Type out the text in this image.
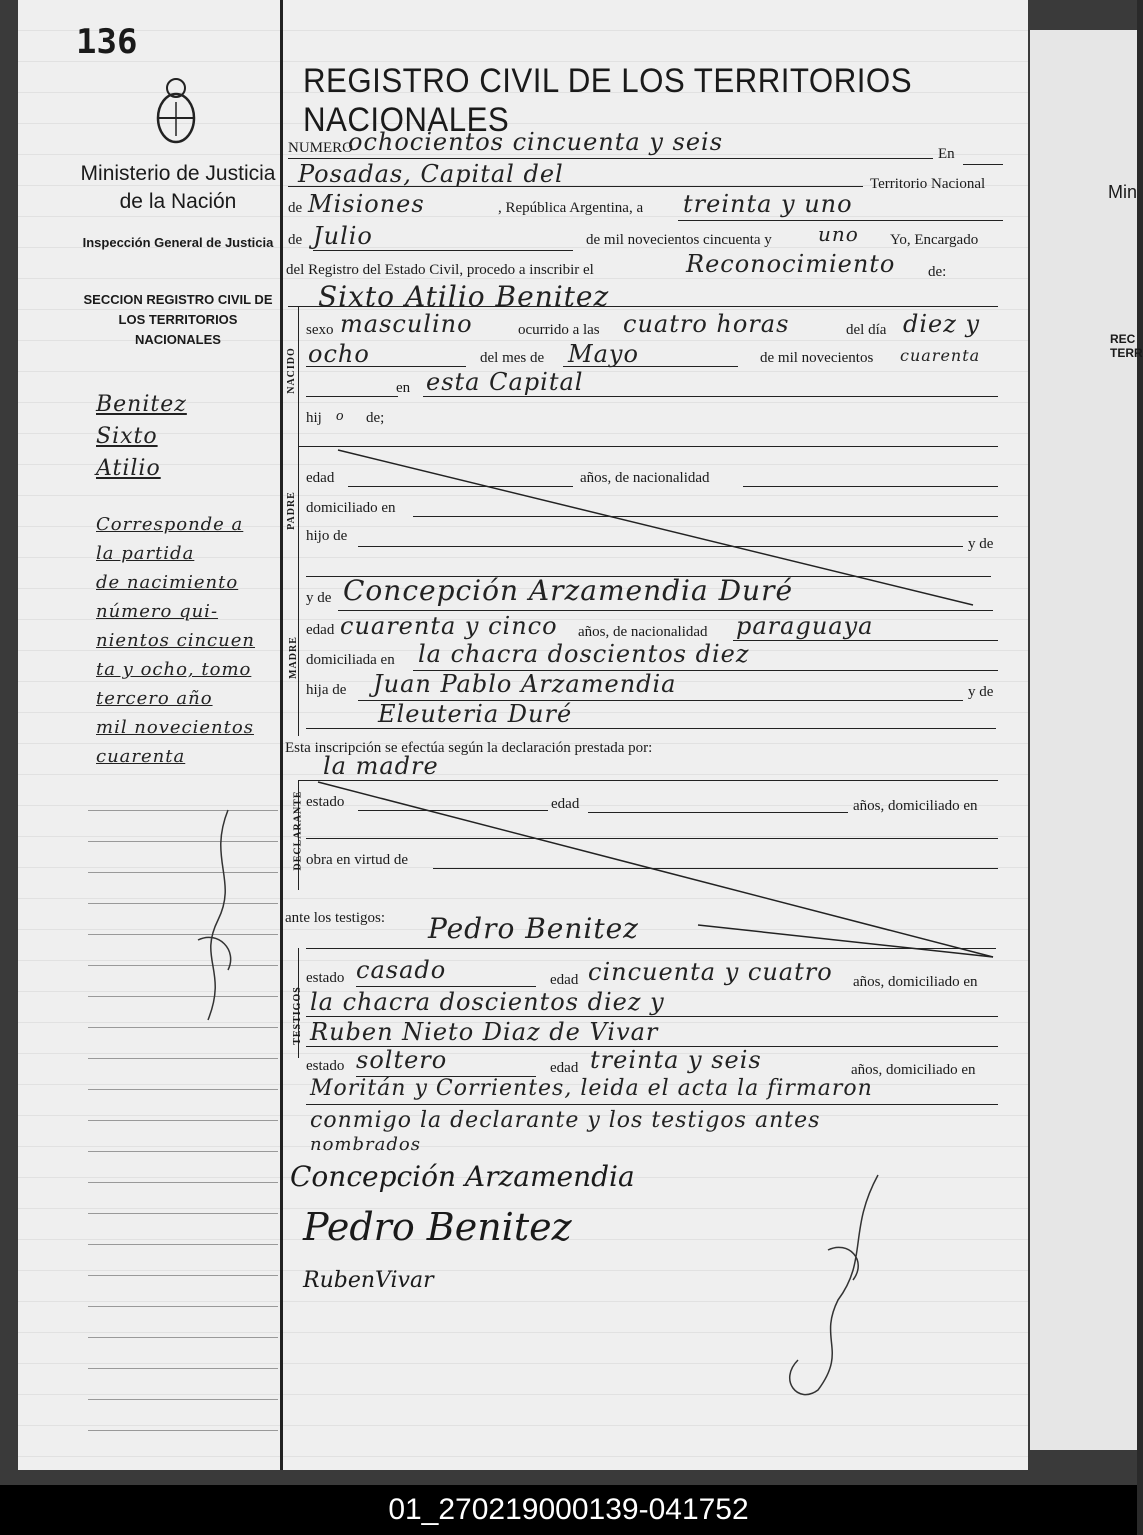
136
Ministerio de Justicia de la Nación
Inspección General de Justicia
SECCION REGISTRO CIVIL DE LOS TERRITORIOS NACIONALES
Benitez
Sixto
Atilio
Corresponde a
la partida
de nacimiento
número qui-
nientos cincuen
ta y ocho, tomo
tercero año
mil novecientos
cuarenta
REGISTRO CIVIL DE LOS TERRITORIOS NACIONALES
NUMERO
ochocientos cincuenta y seis	En
Posadas, Capital del	Territorio Nacional
de Misiones	, República Argentina, a treinta y uno
de Julio	de mil novecientos cincuenta y uno Yo, Encargado
del Registro del Estado Civil, procedo a inscribir el	Reconocimiento de:
Sixto Atilio Benitez
NACIDO
sexo masculino	ocurrido a las cuatro horas	del día diez y
ocho	del mes de Mayo	de mil novecientos cuarenta
en esta Capital
hij o de;
PADRE
edad	años, de nacionalidad
domiciliado en
hijo de	y de
MADRE
y de Concepción Arzamendia Duré
edad cuarenta y cinco años, de nacionalidad paraguaya
domiciliada en la chacra doscientos diez
hija de Juan Pablo Arzamendia	y de
Eleuteria Duré
Esta inscripción se efectúa según la declaración prestada por:
la madre
DECLARANTE estado	edad	años, domiciliado en
obra en virtud de
ante los testigos: Pedro Benitez
TESTIGOS
estado casado	edad cincuenta y cuatro años, domiciliado en
la chacra doscientos diez y
Ruben Nieto Diaz de Vivar
estado soltero	edad treinta y seis	años, domiciliado en
Moritán y Corrientes, leida el acta la firmaron
conmigo la declarante y los testigos antes
nombrados
Concepción Arzamendia
Pedro Benitez
RubenVivar
Min
REC TERR
01_270219000139-041752
